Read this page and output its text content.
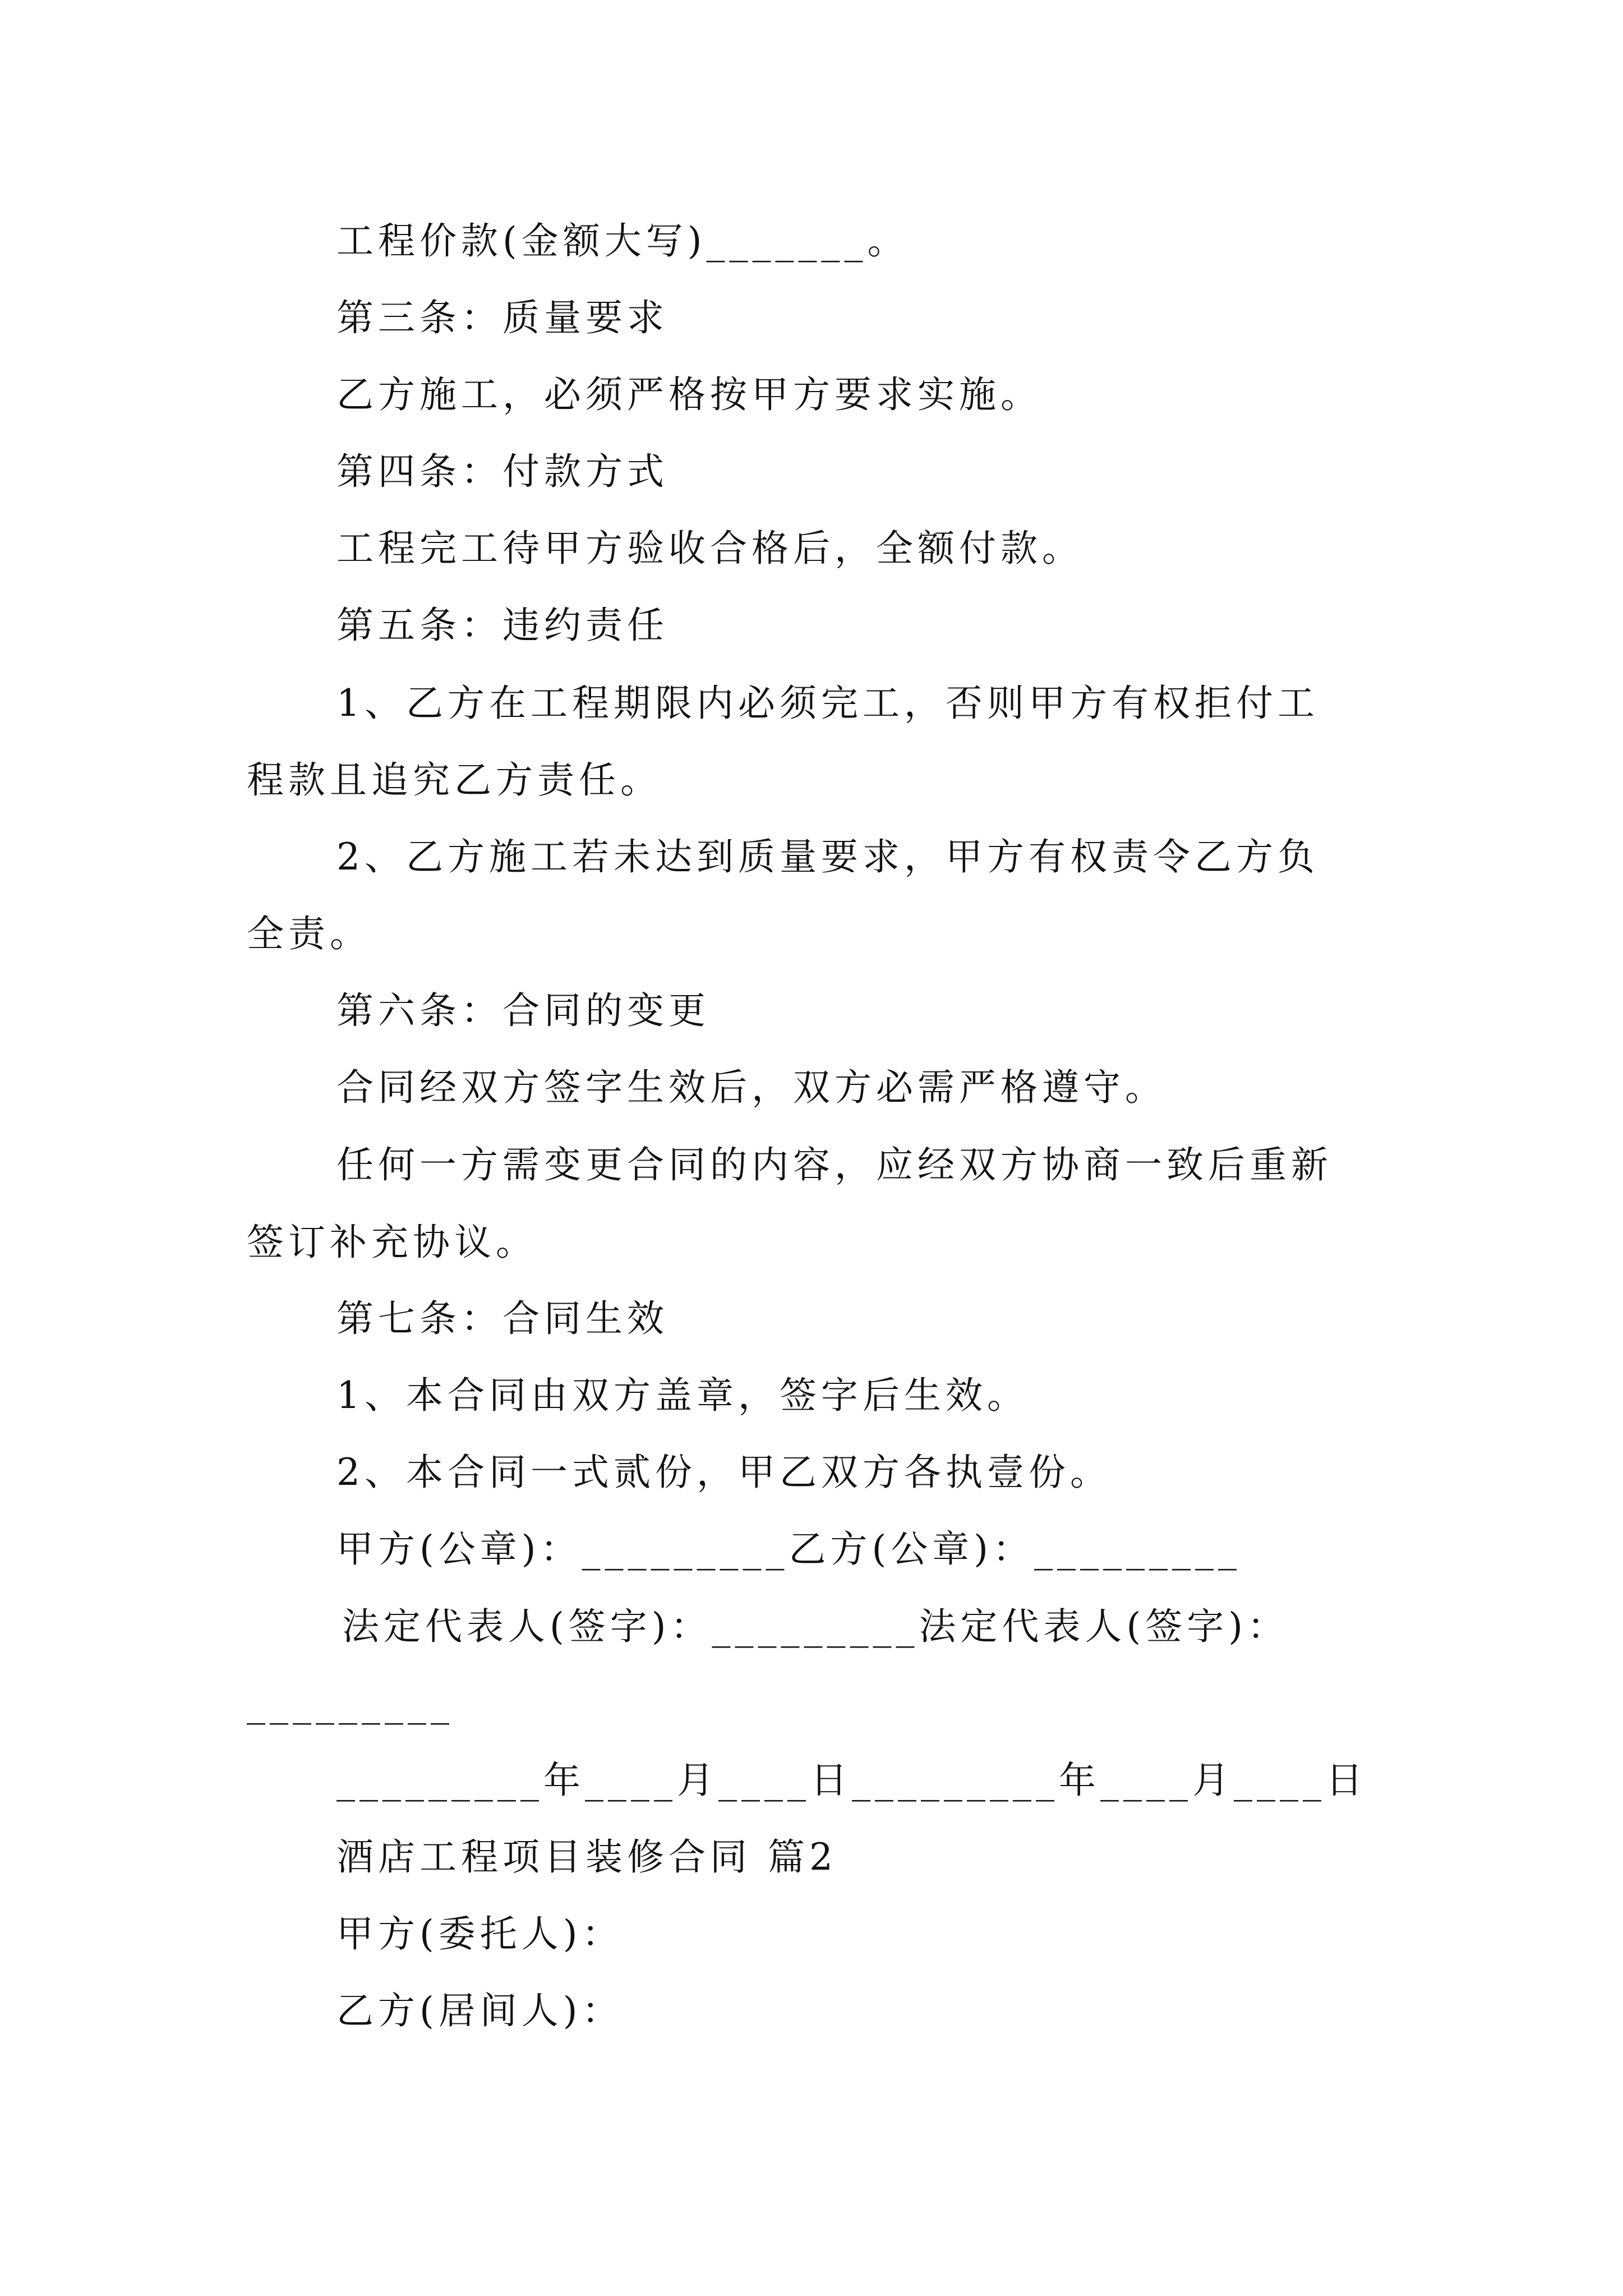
工程价款(金额大写)_______。
第三条：质量要求
乙方施工，必须严格按甲方要求实施。
第四条：付款方式
工程完工待甲方验收合格后，全额付款。
第五条：违约责任
1、乙方在工程期限内必须完工，否则甲方有权拒付工
程款且追究乙方责任。
2、乙方施工若未达到质量要求，甲方有权责令乙方负
全责。
第六条：合同的变更
合同经双方签字生效后，双方必需严格遵守。
任何一方需变更合同的内容，应经双方协商一致后重新
签订补充协议。
第七条：合同生效
1、本合同由双方盖章，签字后生效。
2、本合同一式贰份，甲乙双方各执壹份。
甲方(公章)：_________乙方(公章)：_________
法定代表人(签字)：_________法定代表人(签字)：
_________
_________年____月____日_________年____月____日
酒店工程项目装修合同 篇2
甲方(委托人)：
乙方(居间人)：
